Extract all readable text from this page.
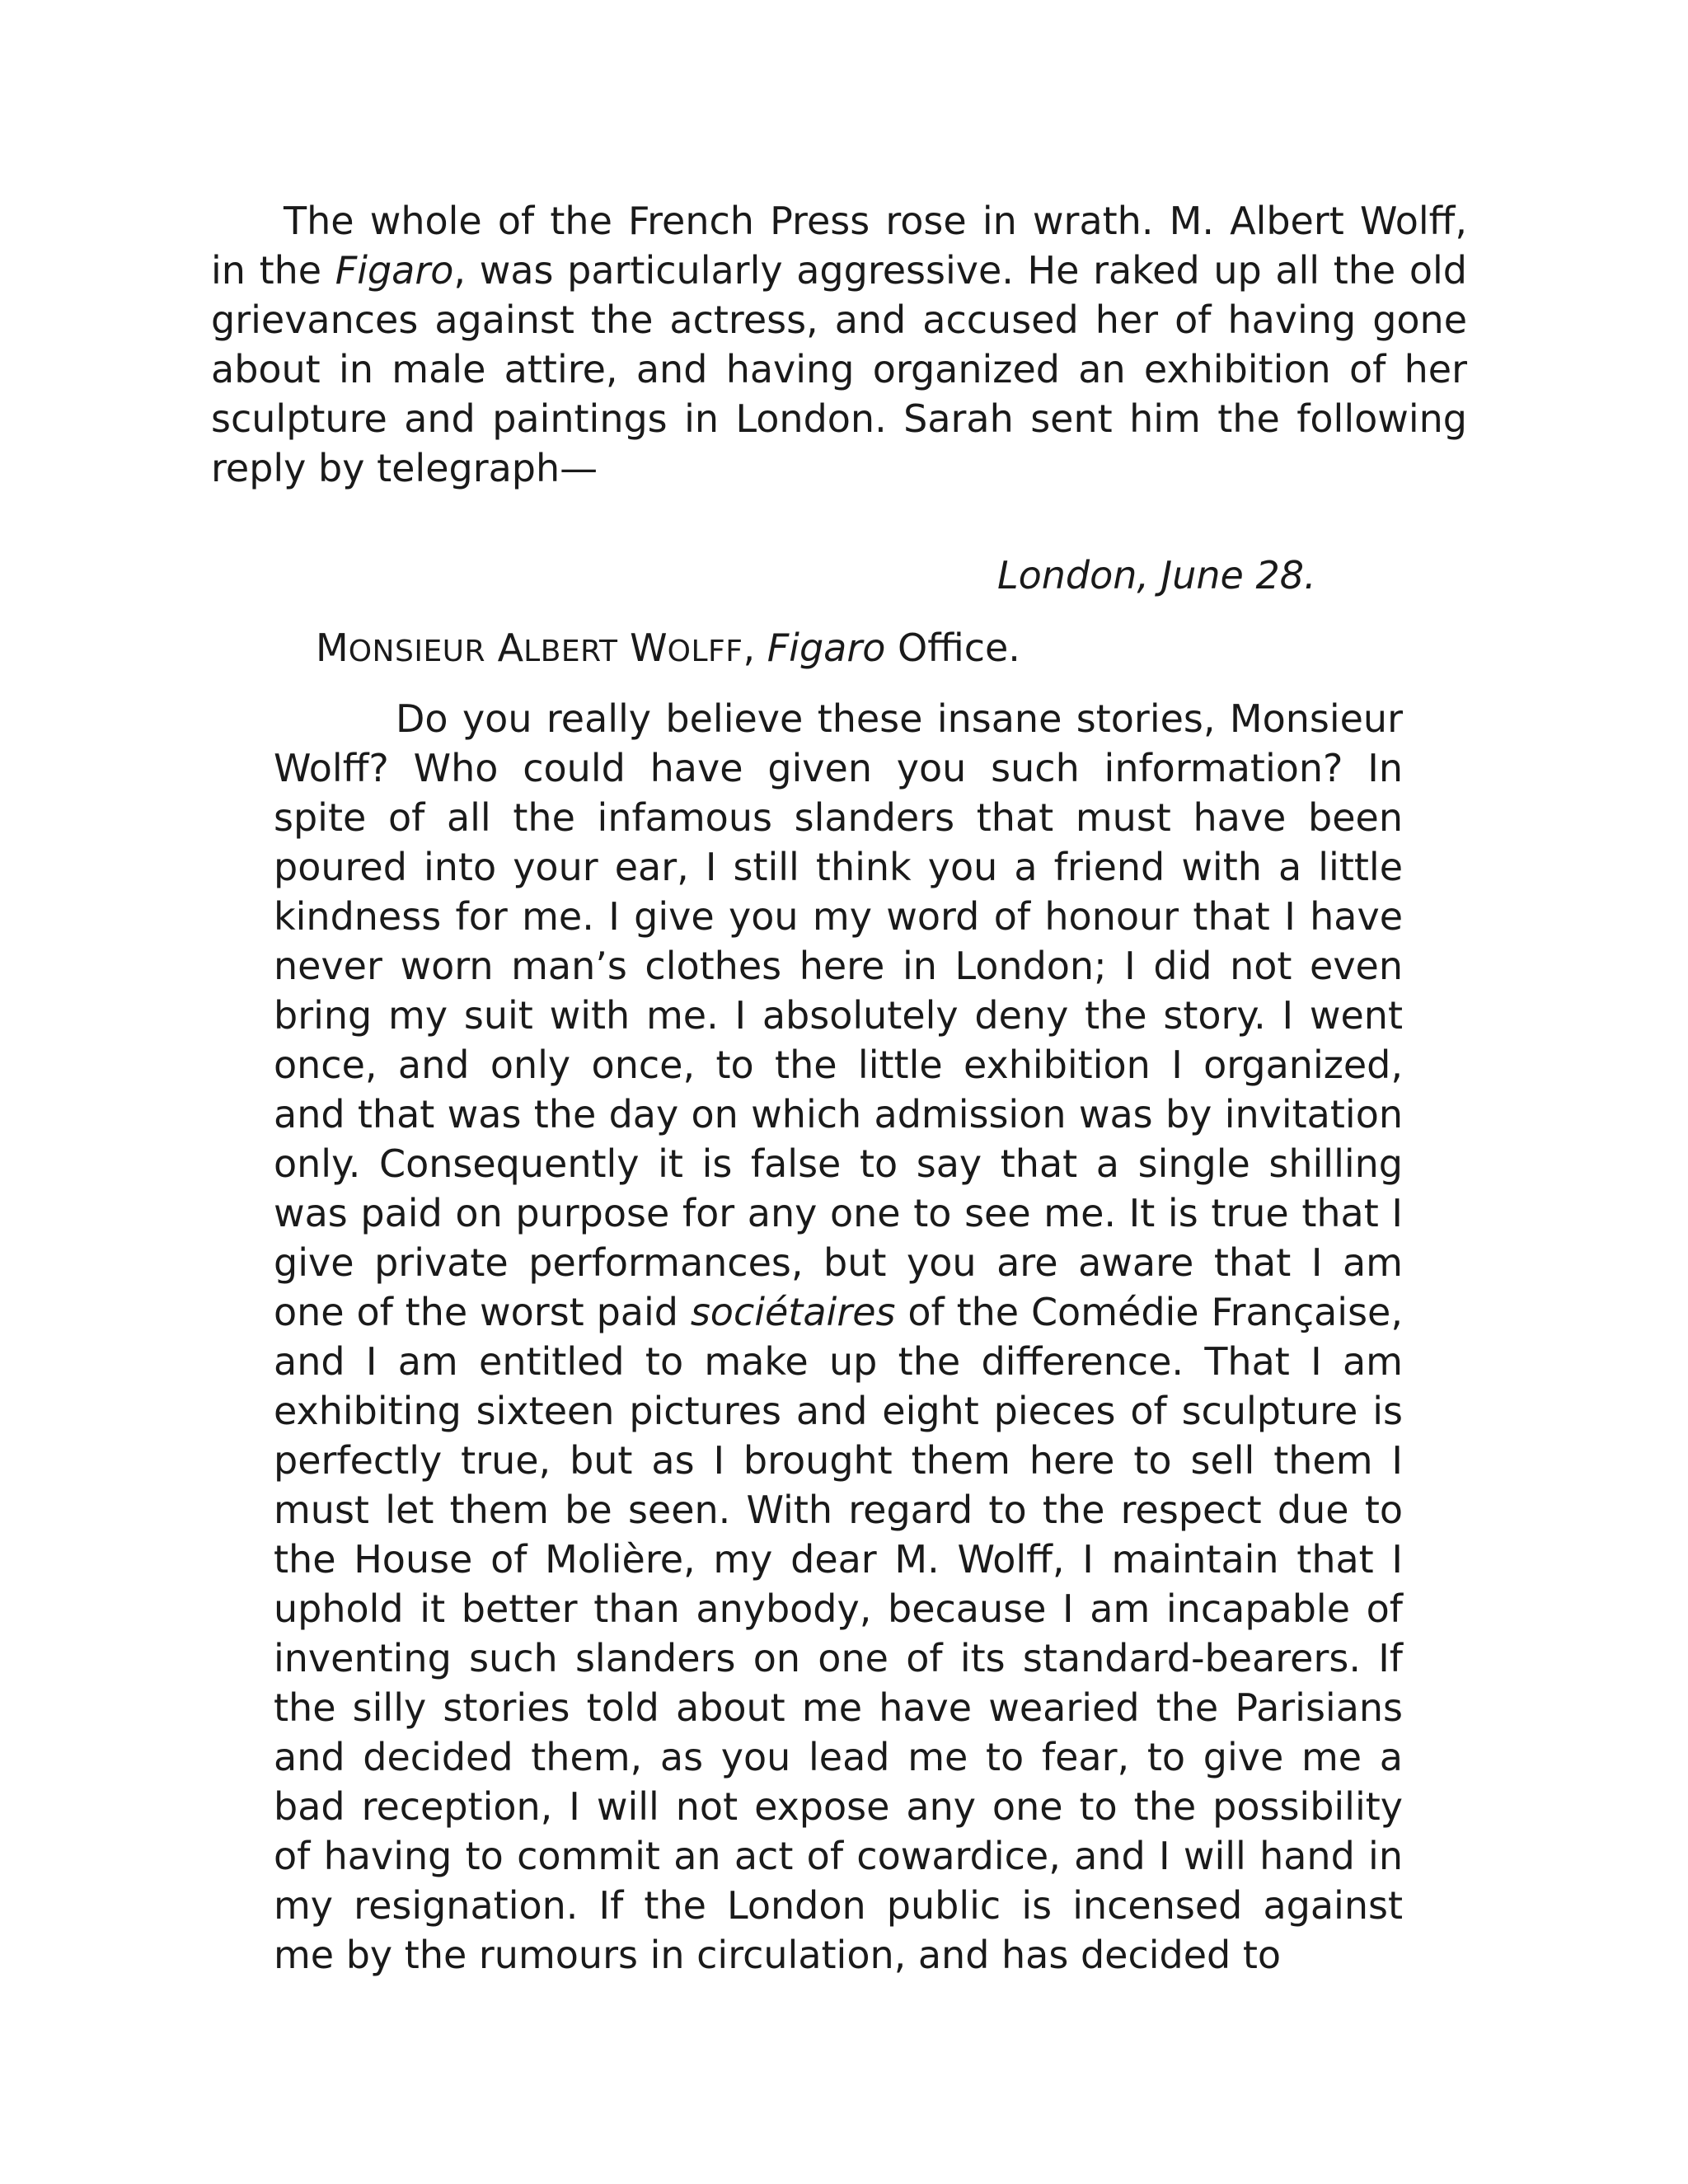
The whole of the French Press rose in wrath. M. Albert Wolff, in the Figaro, was particularly aggressive. He raked up all the old grievances against the actress, and accused her of having gone about in male attire, and having organized an exhibition of her sculpture and paintings in London. Sarah sent him the following reply by telegraph—

London, June 28.

MONSIEUR ALBERT WOLFF, Figaro Office.

Do you really believe these insane stories, Monsieur Wolff? Who could have given you such information? In spite of all the infamous slanders that must have been poured into your ear, I still think you a friend with a little kindness for me. I give you my word of honour that I have never worn man’s clothes here in London; I did not even bring my suit with me. I absolutely deny the story. I went once, and only once, to the little exhibition I organized, and that was the day on which admission was by invitation only. Consequently it is false to say that a single shilling was paid on purpose for any one to see me. It is true that I give private performances, but you are aware that I am one of the worst paid sociétaires of the Comédie Française, and I am entitled to make up the difference. That I am exhibiting sixteen pictures and eight pieces of sculpture is perfectly true, but as I brought them here to sell them I must let them be seen. With regard to the respect due to the House of Molière, my dear M. Wolff, I maintain that I uphold it better than anybody, because I am incapable of inventing such slanders on one of its standard-bearers. If the silly stories told about me have wearied the Parisians and decided them, as you lead me to fear, to give me a bad reception, I will not expose any one to the possibility of having to commit an act of cowardice, and I will hand in my resignation. If the London public is incensed against me by the rumours in circulation, and has decided to
